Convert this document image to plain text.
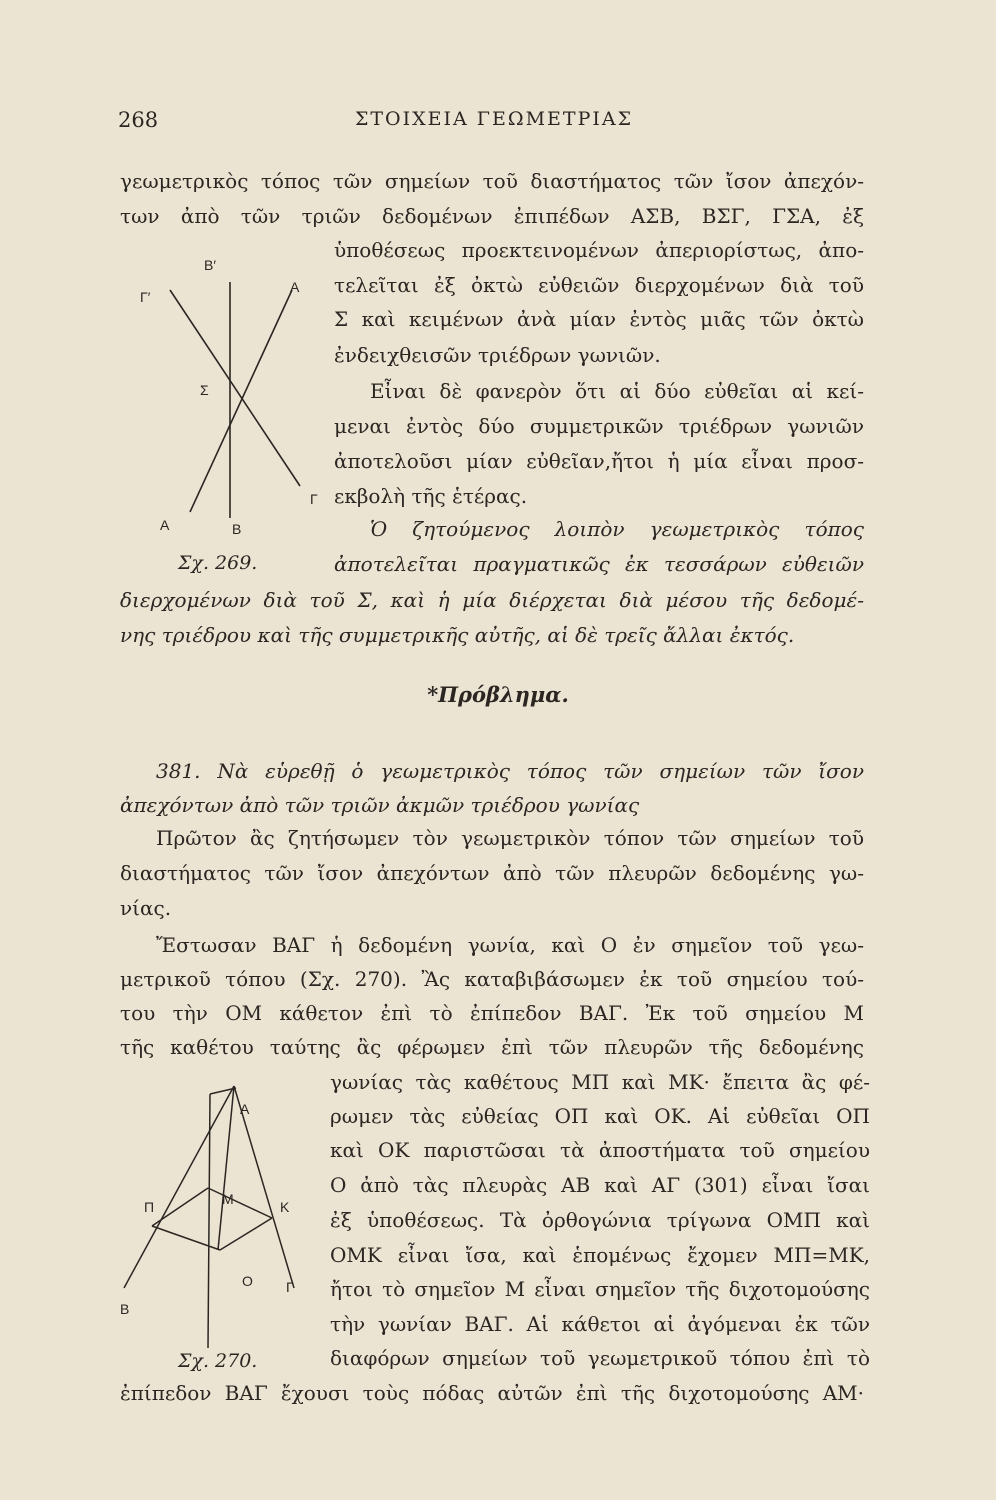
268	ΣΤΟΙΧΕΙΑ ΓΕΩΜΕΤΡΙΑΣ
γεωμετρικὸς τόπος τῶν σημείων τοῦ διαστήματος τῶν ἴσον ἀπεχόν-
των ἀπὸ τῶν τριῶν δεδομένων ἐπιπέδων ΑΣΒ, ΒΣΓ, ΓΣΑ, ἐξ
ὑποθέσεως προεκτεινομένων ἀπεριορίστως, ἀπο-
τελεῖται ἐξ ὀκτὼ εὐθειῶν διερχομένων διὰ τοῦ
Σ καὶ κειμένων ἀνὰ μίαν ἐντὸς μιᾶς τῶν ὀκτὼ
ἐνδειχθεισῶν τριέδρων γωνιῶν.
Εἶναι δὲ φανερὸν ὅτι αἱ δύο εὐθεῖαι αἱ κεί-
μεναι ἐντὸς δύο συμμετρικῶν τριέδρων γωνιῶν
ἀποτελοῦσι μίαν εὐθεῖαν,ἤτοι ἡ μία εἶναι προσ-
εκβολὴ τῆς ἑτέρας.
Ὁ ζητούμενος λοιπὸν γεωμετρικὸς τόπος
ἀποτελεῖται πραγματικῶς ἐκ τεσσάρων εὐθειῶν
διερχομένων διὰ τοῦ Σ, καὶ ἡ μία διέρχεται διὰ μέσου τῆς δεδομέ-
νης τριέδρου καὶ τῆς συμμετρικῆς αὐτῆς, αἱ δὲ τρεῖς ἄλλαι ἐκτός.
Β′
Γ′
Α
Σ
Γ
Α	Β
Σχ. 269.
*Πρόβλημα.
381. Νὰ εὑρεθῇ ὁ γεωμετρικὸς τόπος τῶν σημείων τῶν ἴσον
ἀπεχόντων ἀπὸ τῶν τριῶν ἀκμῶν τριέδρου γωνίας
Πρῶτον ἂς ζητήσωμεν τὸν γεωμετρικὸν τόπον τῶν σημείων τοῦ
διαστήματος τῶν ἴσον ἀπεχόντων ἀπὸ τῶν πλευρῶν δεδομένης γω-
νίας.
Ἔστωσαν ΒΑΓ ἡ δεδομένη γωνία, καὶ Ο ἐν σημεῖον τοῦ γεω-
μετρικοῦ τόπου (Σχ. 270). Ἂς καταβιβάσωμεν ἐκ τοῦ σημείου τού-
του τὴν ΟΜ κάθετον ἐπὶ τὸ ἐπίπεδον ΒΑΓ. Ἐκ τοῦ σημείου Μ
τῆς καθέτου ταύτης ἂς φέρωμεν ἐπὶ τῶν πλευρῶν τῆς δεδομένης
γωνίας τὰς καθέτους ΜΠ καὶ ΜΚ· ἔπειτα ἂς φέ-
ρωμεν τὰς εὐθείας ΟΠ καὶ ΟΚ. Αἱ εὐθεῖαι ΟΠ
καὶ ΟΚ παριστῶσαι τὰ ἀποστήματα τοῦ σημείου
Ο ἀπὸ τὰς πλευρὰς ΑΒ καὶ ΑΓ (301) εἶναι ἴσαι
ἐξ ὑποθέσεως. Τὰ ὀρθογώνια τρίγωνα ΟΜΠ καὶ
ΟΜΚ εἶναι ἴσα, καὶ ἑπομένως ἔχομεν ΜΠ=ΜΚ,
ἤτοι τὸ σημεῖον Μ εἶναι σημεῖον τῆς διχοτομούσης
τὴν γωνίαν ΒΑΓ. Αἱ κάθετοι αἱ ἀγόμεναι ἐκ τῶν
διαφόρων σημείων τοῦ γεωμετρικοῦ τόπου ἐπὶ τὸ
ἐπίπεδον ΒΑΓ ἔχουσι τοὺς πόδας αὐτῶν ἐπὶ τῆς διχοτομούσης ΑΜ·
Α
Π	Μ	Κ
Ο
Β
Γ
Σχ. 270.
